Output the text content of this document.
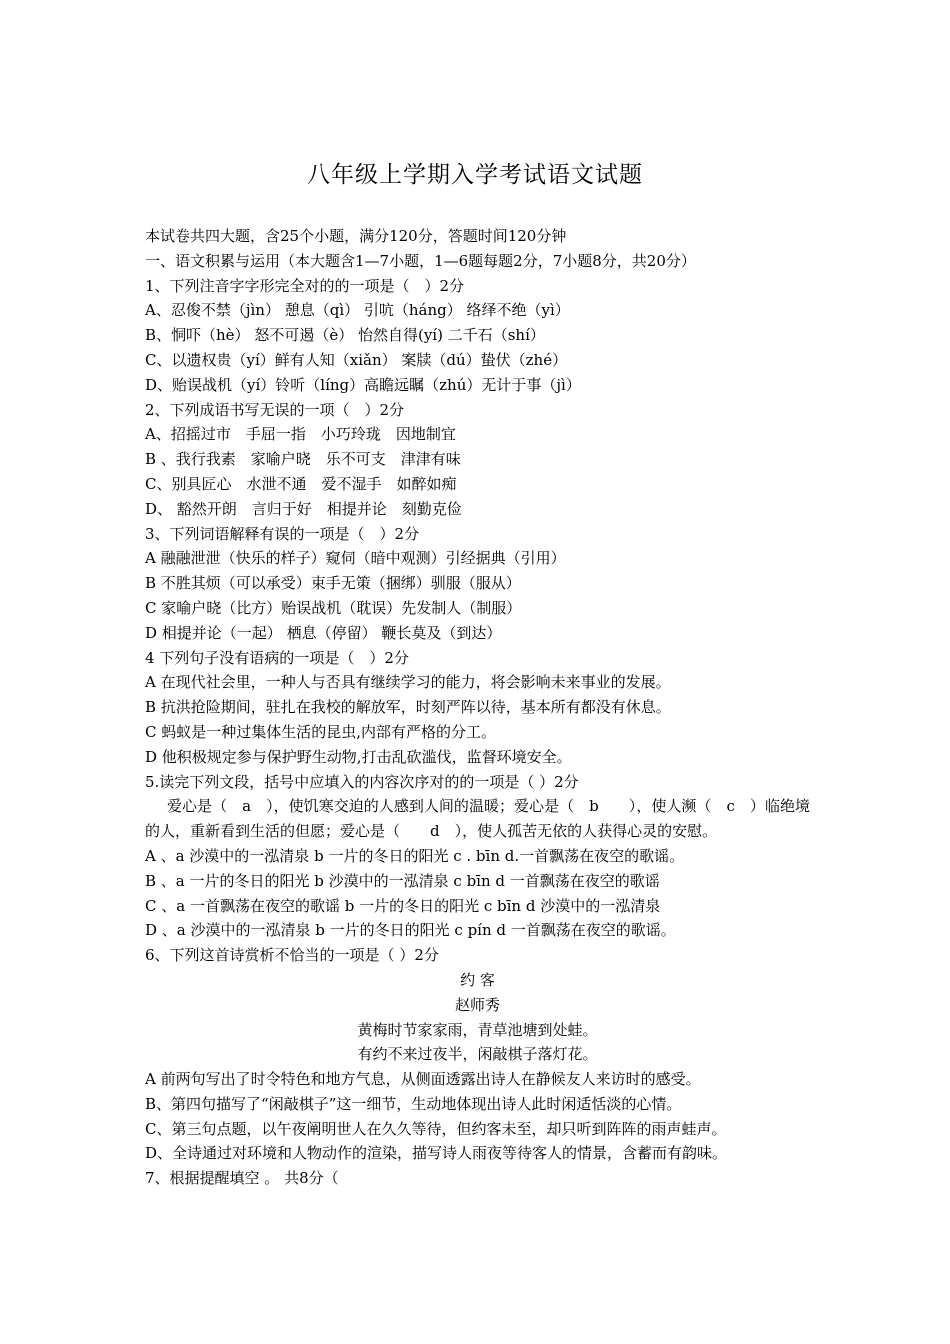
八年级上学期入学考试语文试题
本试卷共四大题，含25个小题，满分120分，答题时间120分钟
一、语文积累与运用（本大题含1—7小题，1—6题每题2分，7小题8分，共20分）
1、下列注音字字形完全对的的一项是（　）2分
A、忍俊不禁（jìn） 憩息（qì） 引吭（háng） 络绎不绝（yì）
B、恫吓（hè） 怒不可遏（è） 怡然自得(yí) 二千石（shí）
C、以遗权贵（yí）鲜有人知（xiǎn） 案牍（dú）蛰伏（zhé）
D、贻误战机（yí）铃听（líng）高瞻远瞩（zhú）无计于事（jì）
2、下列成语书写无误的一项（　）2分
A、招摇过市　手屈一指　小巧玲珑　因地制宜
B 、我行我素　家喻户晓　乐不可支　津津有味
C、别具匠心　水泄不通　爱不湿手　如醉如痴
D、 豁然开朗　言归于好　相提并论　刻勤克俭
3、下列词语解释有误的一项是（　）2分
A 融融泄泄（快乐的样子）窥伺（暗中观测）引经据典（引用）
B 不胜其烦（可以承受）束手无策（捆绑）驯服（服从）
C 家喻户晓（比方）贻误战机（耽误）先发制人（制服）
D 相提并论（一起） 栖息（停留） 鞭长莫及（到达）
4 下列句子没有语病的一项是（　）2分
A 在现代社会里，一种人与否具有继续学习的能力，将会影响未来事业的发展。
B 抗洪抢险期间，驻扎在我校的解放军，时刻严阵以待，基本所有都没有休息。
C 蚂蚁是一种过集体生活的昆虫,内部有严格的分工。
D 他积极规定参与保护野生动物,打击乱砍滥伐，监督环境安全。
5.读完下列文段，括号中应填入的内容次序对的的一项是（ ）2分
爱心是（　a　），使饥寒交迫的人感到人间的温暖；爱心是（　b　　），使人濒（　c　）临绝境的人，重新看到生活的但愿；爱心是（　　d　），使人孤苦无依的人获得心灵的安慰。
A 、a 沙漠中的一泓清泉 b 一片的冬日的阳光 c . bīn d.一首飘荡在夜空的歌谣。
B 、a 一片的冬日的阳光 b 沙漠中的一泓清泉 c bīn d 一首飘荡在夜空的歌谣
C 、a 一首飘荡在夜空的歌谣 b 一片的冬日的阳光 c bīn d 沙漠中的一泓清泉
D 、a 沙漠中的一泓清泉 b 一片的冬日的阳光 c pín d 一首飘荡在夜空的歌谣。
6、下列这首诗赏析不恰当的一项是（ ）2分
约 客
赵师秀
黄梅时节家家雨，青草池塘到处蛙。
有约不来过夜半，闲敲棋子落灯花。
A 前两句写出了时令特色和地方气息，从侧面透露出诗人在静候友人来访时的感受。
B、第四句描写了“闲敲棋子”这一细节，生动地体现出诗人此时闲适恬淡的心情。
C、第三句点题，以午夜阐明世人在久久等待，但约客未至，却只听到阵阵的雨声蛙声。
D、全诗通过对环境和人物动作的渲染，描写诗人雨夜等待客人的情景，含蓄而有韵味。
7、根据提醒填空 。 共8分（
